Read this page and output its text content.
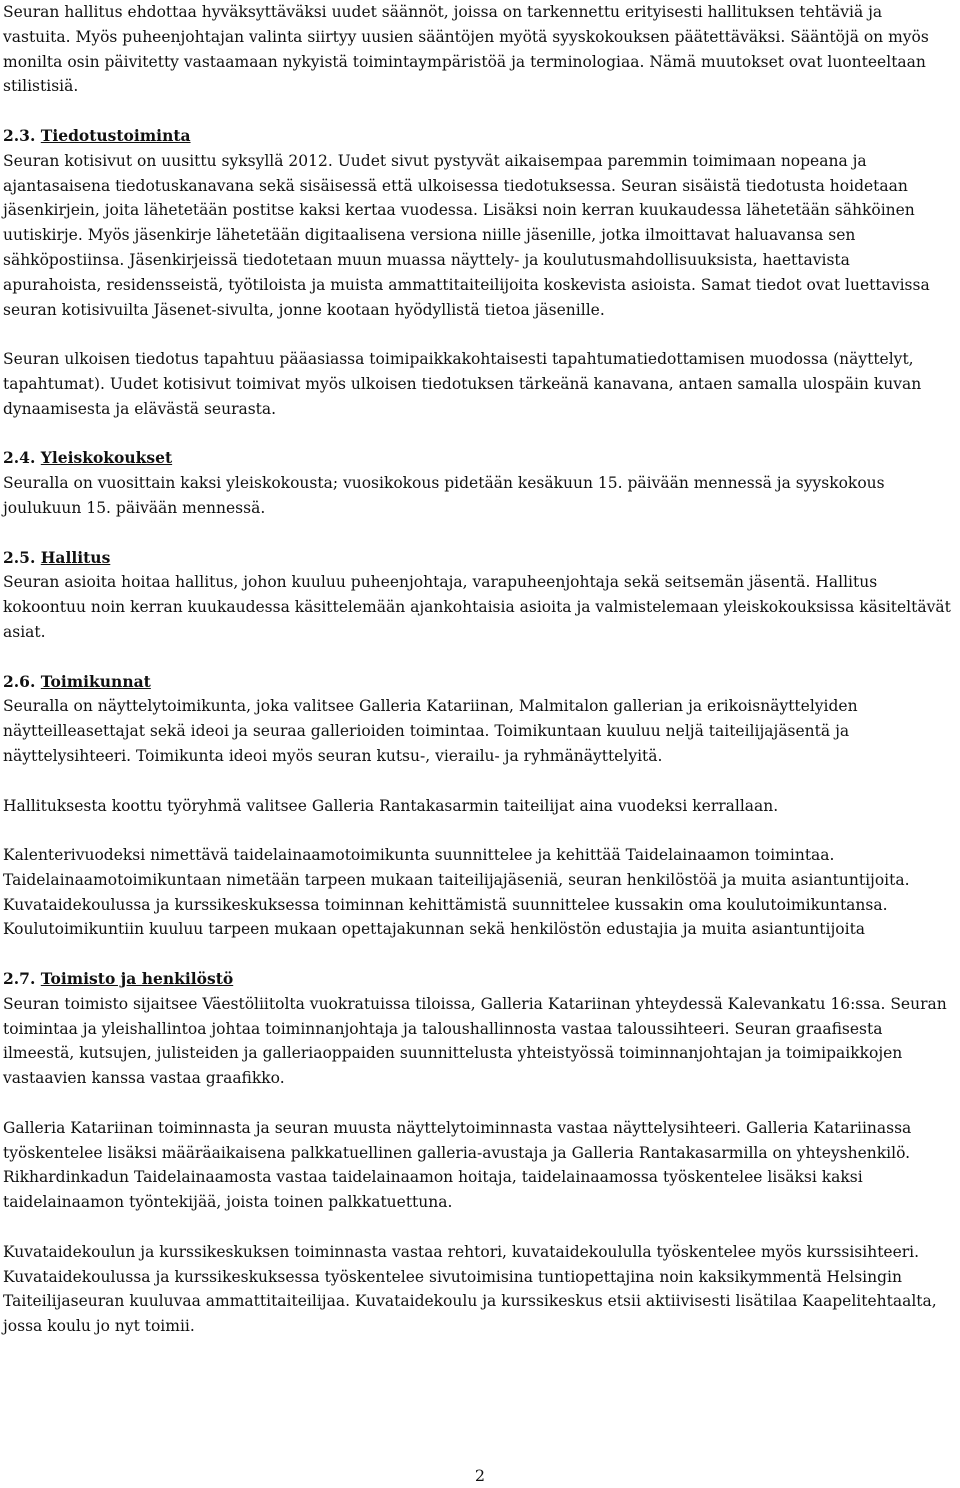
Seuran hallitus ehdottaa hyväksyttäväksi uudet säännöt, joissa on tarkennettu erityisesti hallituksen tehtäviä ja vastuita. Myös puheenjohtajan valinta siirtyy uusien sääntöjen myötä syyskokouksen päätettäväksi. Sääntöjä on myös monilta osin päivitetty vastaamaan nykyistä toimintaympäristöä ja terminologiaa. Nämä muutokset ovat luonteeltaan stilistisiä.

2.3. Tiedotustoiminta

Seuran kotisivut on uusittu syksyllä 2012. Uudet sivut pystyvät aikaisempaa paremmin toimimaan nopeana ja ajantasaisena tiedotuskanavana sekä sisäisessä että ulkoisessa tiedotuksessa. Seuran sisäistä tiedotusta hoidetaan jäsenkirjein, joita lähetetään postitse kaksi kertaa vuodessa. Lisäksi noin kerran kuukaudessa lähetetään sähköinen uutiskirje. Myös jäsenkirje lähetetään digitaalisena versiona niille jäsenille, jotka ilmoittavat haluavansa sen sähköpostiinsa. Jäsenkirjeissä tiedotetaan muun muassa näyttely- ja koulutusmahdollisuuksista, haettavista apurahoista, residensseistä, työtiloista ja muista ammattitaiteilijoita koskevista asioista. Samat tiedot ovat luettavissa seuran kotisivuilta Jäsenet-sivulta, jonne kootaan hyödyllistä tietoa jäsenille.

Seuran ulkoisen tiedotus tapahtuu pääasiassa toimipaikkakohtaisesti tapahtumatiedottamisen muodossa (näyttelyt, tapahtumat). Uudet kotisivut toimivat myös ulkoisen tiedotuksen tärkeänä kanavana, antaen samalla ulospäin kuvan dynaamisesta ja elävästä seurasta.

2.4. Yleiskokoukset

Seuralla on vuosittain kaksi yleiskokousta; vuosikokous pidetään kesäkuun 15. päivään mennessä ja syyskokous joulukuun 15. päivään mennessä.

2.5. Hallitus

Seuran asioita hoitaa hallitus, johon kuuluu puheenjohtaja, varapuheenjohtaja sekä seitsemän jäsentä. Hallitus kokoontuu noin kerran kuukaudessa käsittelemään ajankohtaisia asioita ja valmistelemaan yleiskokouksissa käsiteltävät asiat.

2.6. Toimikunnat

Seuralla on näyttelytoimikunta, joka valitsee Galleria Katariinan, Malmitalon gallerian ja erikoisnäyttelyiden näytteilleasettajat sekä ideoi ja seuraa gallerioiden toimintaa. Toimikuntaan kuuluu neljä taiteilijajäsentä ja näyttelysihteeri. Toimikunta ideoi myös seuran kutsu-, vierailu- ja ryhmänäyttelyitä.

Hallituksesta koottu työryhmä valitsee Galleria Rantakasarmin taiteilijat aina vuodeksi kerrallaan.

Kalenterivuodeksi nimettävä taidelainaamotoimikunta suunnittelee ja kehittää Taidelainaamon toimintaa. Taidelainaamotoimikuntaan nimetään tarpeen mukaan taiteilijajäseniä, seuran henkilöstöä ja muita asiantuntijoita. Kuvataidekoulussa ja kurssikeskuksessa toiminnan kehittämistä suunnittelee kussakin oma koulutoimikuntansa. Koulutoimikuntiin kuuluu tarpeen mukaan opettajakunnan sekä henkilöstön edustajia ja muita asiantuntijoita

2.7. Toimisto ja henkilöstö

Seuran toimisto sijaitsee Väestöliitolta vuokratuissa tiloissa, Galleria Katariinan yhteydessä Kalevankatu 16:ssa. Seuran toimintaa ja yleishallintoa johtaa toiminnanjohtaja ja taloushallinnosta vastaa taloussihteeri. Seuran graafisesta ilmeestä, kutsujen, julisteiden ja galleriaoppaiden suunnittelusta yhteistyössä toiminnanjohtajan ja toimipaikkojen vastaavien kanssa vastaa graafikko.

Galleria Katariinan toiminnasta ja seuran muusta näyttelytoiminnasta vastaa näyttelysihteeri. Galleria Katariinassa työskentelee lisäksi määräaikaisena palkkatuellinen galleria-avustaja ja Galleria Rantakasarmilla on yhteyshenkilö. Rikhardinkadun Taidelainaamosta vastaa taidelainaamon hoitaja, taidelainaamossa työskentelee lisäksi kaksi taidelainaamon työntekijää, joista toinen palkkatuettuna.

Kuvataidekoulun ja kurssikeskuksen toiminnasta vastaa rehtori, kuvataidekoululla työskentelee myös kurssisihteeri. Kuvataidekoulussa ja kurssikeskuksessa työskentelee sivutoimisina tuntiopettajina noin kaksikymmentä Helsingin Taiteilijaseuran kuuluvaa ammattitaiteilijaa. Kuvataidekoulu ja kurssikeskus etsii aktiivisesti lisätilaa Kaapelitehtaalta, jossa koulu jo nyt toimii.

2
